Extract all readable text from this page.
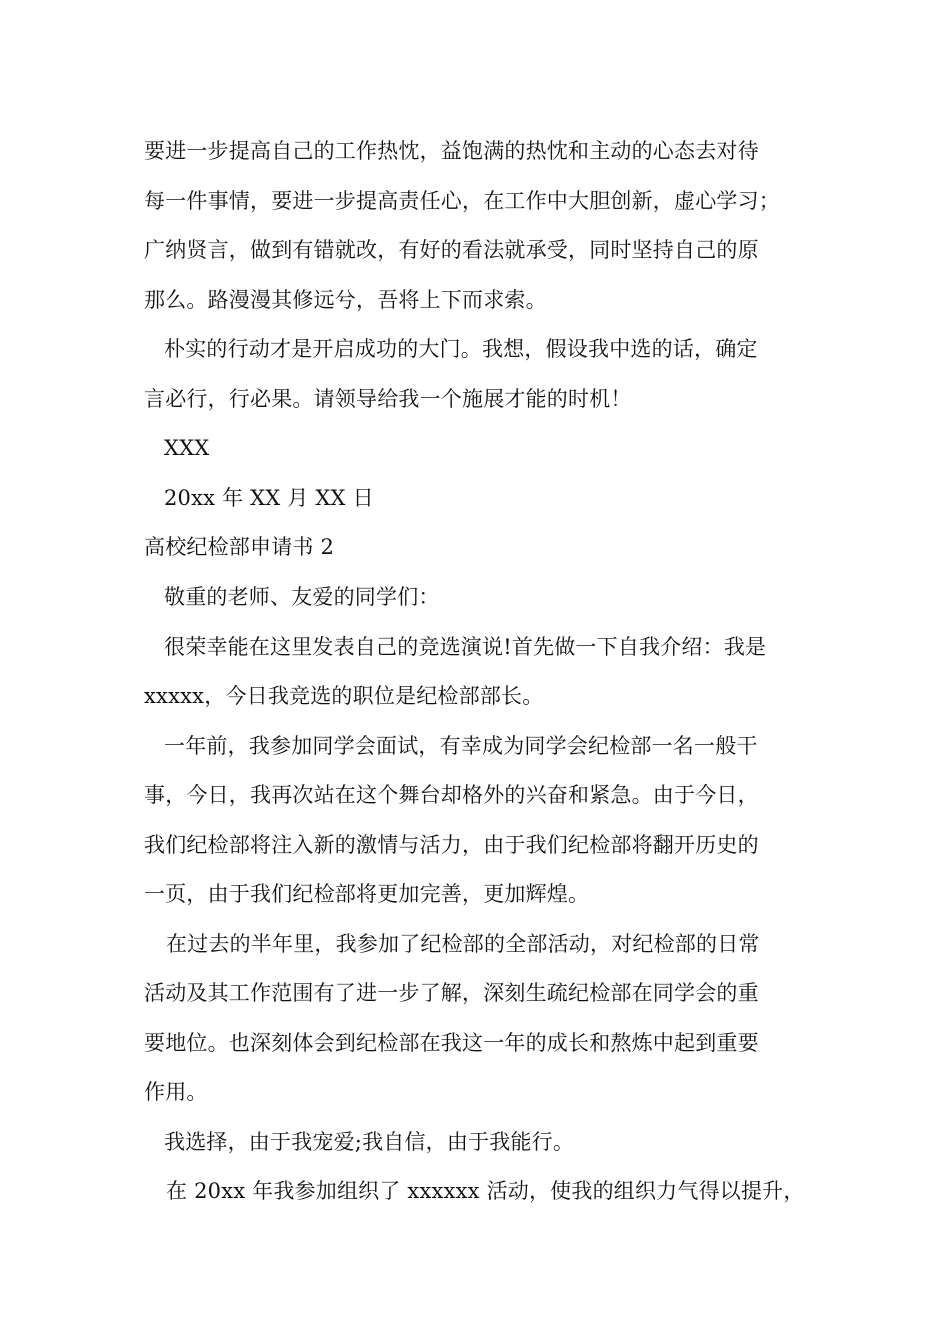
要进一步提高自己的工作热忱，益饱满的热忱和主动的心态去对待
每一件事情，要进一步提高责任心，在工作中大胆创新，虚心学习；
广纳贤言，做到有错就改，有好的看法就承受，同时坚持自己的原
那么。路漫漫其修远兮，吾将上下而求索。
朴实的行动才是开启成功的大门。我想，假设我中选的话，确定
言必行，行必果。请领导给我一个施展才能的时机！
XXX
20xx 年 XX 月 XX 日
高校纪检部申请书 2
敬重的老师、友爱的同学们：
很荣幸能在这里发表自己的竞选演说!首先做一下自我介绍：我是
xxxxx，今日我竞选的职位是纪检部部长。
一年前，我参加同学会面试，有幸成为同学会纪检部一名一般干
事，今日，我再次站在这个舞台却格外的兴奋和紧急。由于今日，
我们纪检部将注入新的激情与活力，由于我们纪检部将翻开历史的
一页，由于我们纪检部将更加完善，更加辉煌。
在过去的半年里，我参加了纪检部的全部活动，对纪检部的日常
活动及其工作范围有了进一步了解，深刻生疏纪检部在同学会的重
要地位。也深刻体会到纪检部在我这一年的成长和熬炼中起到重要
作用。
我选择，由于我宠爱;我自信，由于我能行。
在 20xx 年我参加组织了 xxxxxx 活动，使我的组织力气得以提升，
